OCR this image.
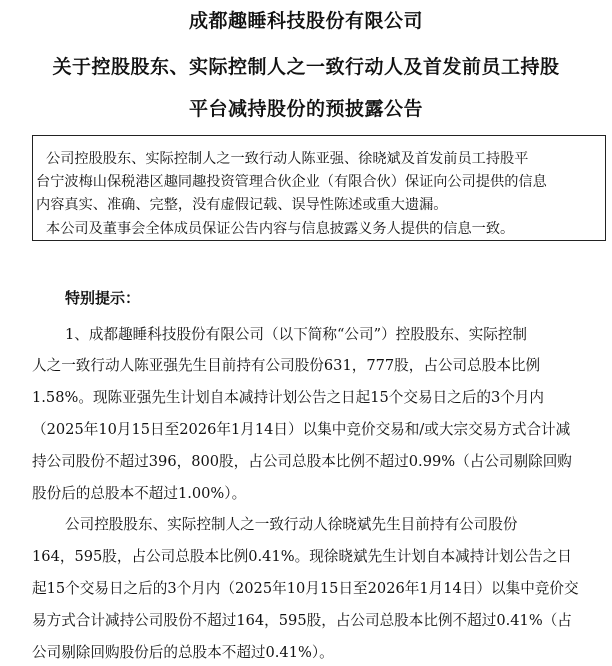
成都趣睡科技股份有限公司
关于控股股东、实际控制人之一致行动人及首发前员工持股
平台减持股份的预披露公告
公司控股股东、实际控制人之一致行动人陈亚强、徐晓斌及首发前员工持股平
台宁波梅山保税港区趣同趣投资管理合伙企业（有限合伙）保证向公司提供的信息
内容真实、准确、完整，没有虚假记载、误导性陈述或重大遗漏。
本公司及董事会全体成员保证公告内容与信息披露义务人提供的信息一致。
特别提示：
1、成都趣睡科技股份有限公司（以下简称“公司”）控股股东、实际控制
人之一致行动人陈亚强先生目前持有公司股份631，777股，占公司总股本比例
1.58%。现陈亚强先生计划自本减持计划公告之日起15个交易日之后的3个月内
（2025年10月15日至2026年1月14日）以集中竞价交易和/或大宗交易方式合计减
持公司股份不超过396，800股，占公司总股本比例不超过0.99%（占公司剔除回购
股份后的总股本不超过1.00%）。
公司控股股东、实际控制人之一致行动人徐晓斌先生目前持有公司股份
164，595股，占公司总股本比例0.41%。现徐晓斌先生计划自本减持计划公告之日
起15个交易日之后的3个月内（2025年10月15日至2026年1月14日）以集中竞价交
易方式合计减持公司股份不超过164，595股，占公司总股本比例不超过0.41%（占
公司剔除回购股份后的总股本不超过0.41%）。
